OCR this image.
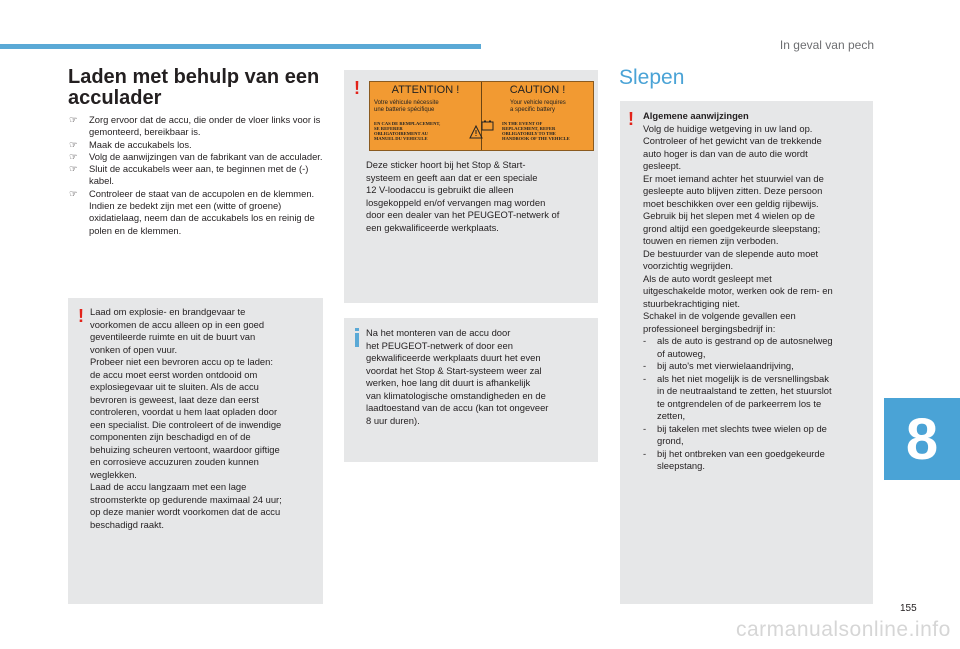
In geval van pech
8
155
carmanualsonline.info
Laden met behulp van een acculader
☞ Zorg ervoor dat de accu, die onder de vloer links voor is gemonteerd, bereikbaar is.
☞ Maak de accukabels los.
☞ Volg de aanwijzingen van de fabrikant van de acculader.
☞ Sluit de accukabels weer aan, te beginnen met de (-) kabel.
☞ Controleer de staat van de accupolen en de klemmen. Indien ze bedekt zijn met een (witte of groene) oxidatielaag, neem dan de accukabels los en reinig de polen en de klemmen.
! Laad om explosie- en brandgevaar te
voorkomen de accu alleen op in een goed
geventileerde ruimte en uit de buurt van
vonken of open vuur.
Probeer niet een bevroren accu op te laden:
de accu moet eerst worden ontdooid om
explosiegevaar uit te sluiten. Als de accu
bevroren is geweest, laat deze dan eerst
controleren, voordat u hem laat opladen door
een specialist. Die controleert of de inwendige
componenten zijn beschadigd en of de
behuizing scheuren vertoont, waardoor giftige
en corrosieve accuzuren zouden kunnen
weglekken.
Laad de accu langzaam met een lage
stroomsterkte op gedurende maximaal 24 uur;
op deze manier wordt voorkomen dat de accu
beschadigd raakt.
!
Deze sticker hoort bij het Stop & Start-
systeem en geeft aan dat er een speciale
12 V-loodaccu is gebruikt die alleen
losgekoppeld en/of vervangen mag worden
door een dealer van het PEUGEOT-netwerk of
een gekwalificeerde werkplaats.
ATTENTION !
Votre véhicule nécessite
une batterie spécifique
EN CAS DE REMPLACEMENT,
SE REFERER
OBLIGATOIREMENT AU
MANUEL DU VEHICULE
CAUTION !
Your vehicle requires
a specific battery
IN THE EVENT OF
REPLACEMENT, REFER
OBLIGATORILY TO THE
HANDBOOK OF THE VEHICLE
Na het monteren van de accu door
het PEUGEOT-netwerk of door een
gekwalificeerde werkplaats duurt het even
voordat het Stop & Start-systeem weer zal
werken, hoe lang dit duurt is afhankelijk
van klimatologische omstandigheden en de
laadtoestand van de accu (kan tot ongeveer
8 uur duren).
Slepen
! Algemene aanwijzingen
Volg de huidige wetgeving in uw land op.
Controleer of het gewicht van de trekkende
auto hoger is dan van de auto die wordt
gesleept.
Er moet iemand achter het stuurwiel van de
gesleepte auto blijven zitten. Deze persoon
moet beschikken over een geldig rijbewijs.
Gebruik bij het slepen met 4 wielen op de
grond altijd een goedgekeurde sleepstang;
touwen en riemen zijn verboden.
De bestuurder van de slepende auto moet
voorzichtig wegrijden.
Als de auto wordt gesleept met
uitgeschakelde motor, werken ook de rem- en
stuurbekrachtiging niet.
Schakel in de volgende gevallen een
professioneel bergingsbedrijf in:
- als de auto is gestrand op de autosnelweg
of autoweg,
- bij auto's met vierwielaandrijving,
- als het niet mogelijk is de versnellingsbak
in de neutraalstand te zetten, het stuurslot
te ontgrendelen of de parkeerrem los te
zetten,
- bij takelen met slechts twee wielen op de
grond,
- bij het ontbreken van een goedgekeurde
sleepstang.
